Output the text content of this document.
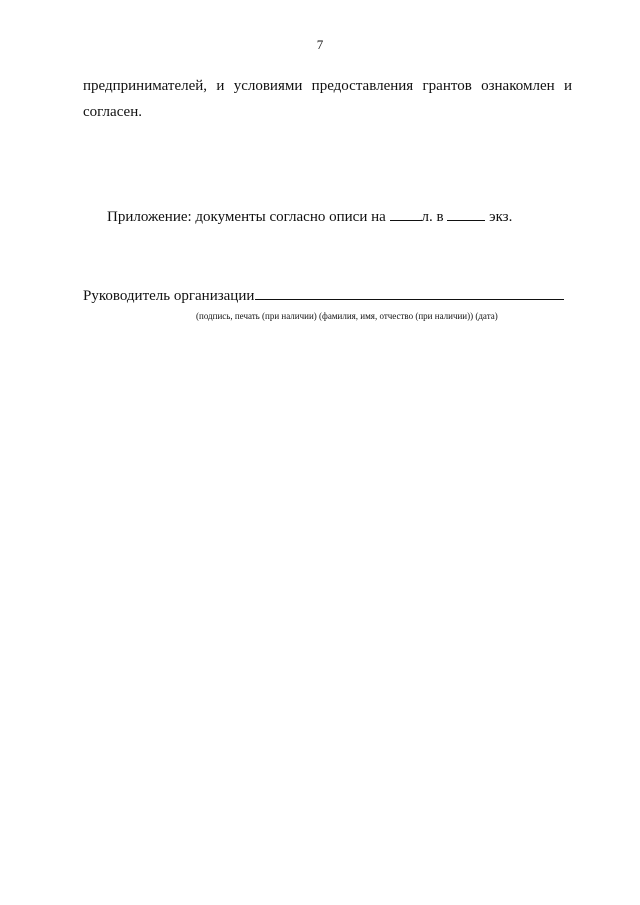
7
предпринимателей, и условиями предоставления грантов ознакомлен и
согласен.
Приложение: документы согласно описи на л. в	экз.
Руководитель организации
(подпись, печать (при наличии) (фамилия, имя, отчество (при наличии)) (дата)
